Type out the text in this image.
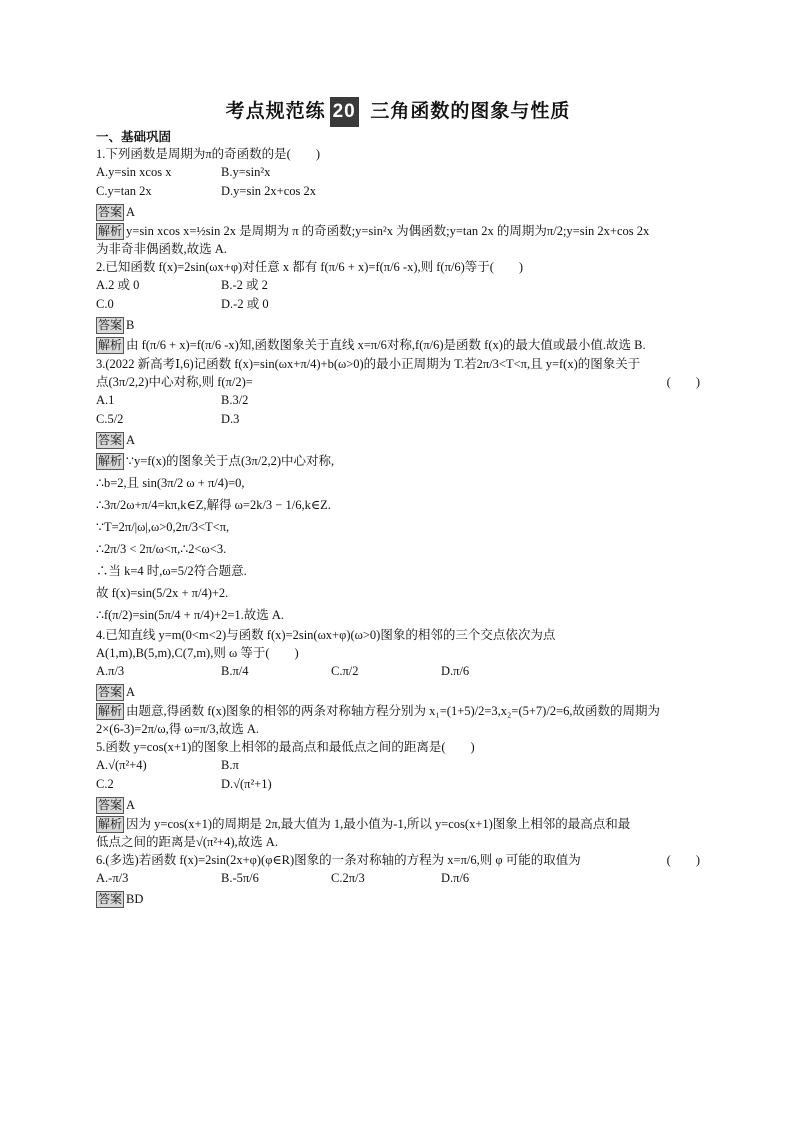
考点规范练 20 三角函数的图象与性质
一、基础巩固
1.下列函数是周期为π的奇函数的是(　　)
A.y=sin xcos x	B.y=sin²x
C.y=tan 2x	D.y=sin 2x+cos 2x
答案 A
解析 y=sin xcos x=½sin 2x 是周期为 π 的奇函数;y=sin²x 为偶函数;y=tan 2x 的周期为π/2;y=sin 2x+cos 2x
为非奇非偶函数,故选 A.
2.已知函数 f(x)=2sin(ωx+φ)对任意 x 都有 f(π/6 + x)=f(π/6 -x),则 f(π/6)等于(　　)
A.2 或 0	B.-2 或 2
C.0	D.-2 或 0
答案 B
解析 由 f(π/6 + x)=f(π/6 -x)知,函数图象关于直线 x=π/6对称,f(π/6)是函数 f(x)的最大值或最小值.故选 B.
3.(2022 新高考Ⅰ,6)记函数 f(x)=sin(ωx+π/4)+b(ω>0)的最小正周期为 T.若2π/3<T<π,且 y=f(x)的图象关于
点(3π/2,2)中心对称,则 f(π/2)=	(　　)
A.1	B.3/2
C.5/2	D.3
答案 A
解析 ∵y=f(x)的图象关于点(3π/2,2)中心对称,
∴b=2,且 sin(3π/2 ω + π/4)=0,
∴3π/2ω+π/4=kπ,k∈Z,解得 ω=2k/3 − 1/6,k∈Z.
∵T=2π/|ω|,ω>0,2π/3<T<π,
∴2π/3 < 2π/ω<π,∴2<ω<3.
∴当 k=4 时,ω=5/2符合题意.
故 f(x)=sin(5/2x + π/4)+2.
∴f(π/2)=sin(5π/4 + π/4)+2=1.故选 A.
4.已知直线 y=m(0<m<2)与函数 f(x)=2sin(ωx+φ)(ω>0)图象的相邻的三个交点依次为点
A(1,m),B(5,m),C(7,m),则 ω 等于(　　)
A.π/3	B.π/4	C.π/2	D.π/6
答案 A
解析 由题意,得函数 f(x)图象的相邻的两条对称轴方程分别为 x₁=(1+5)/2=3,x₂=(5+7)/2=6,故函数的周期为
2×(6-3)=2π/ω,得 ω=π/3,故选 A.
5.函数 y=cos(x+1)的图象上相邻的最高点和最低点之间的距离是(　　)
A.√(π²+4)	B.π
C.2	D.√(π²+1)
答案 A
解析 因为 y=cos(x+1)的周期是 2π,最大值为 1,最小值为-1,所以 y=cos(x+1)图象上相邻的最高点和最
低点之间的距离是√(π²+4),故选 A.
6.(多选)若函数 f(x)=2sin(2x+φ)(φ∈R)图象的一条对称轴的方程为 x=π/6,则 φ 可能的取值为	(　　)
A.-π/3	B.-5π/6	C.2π/3	D.π/6
答案 BD
